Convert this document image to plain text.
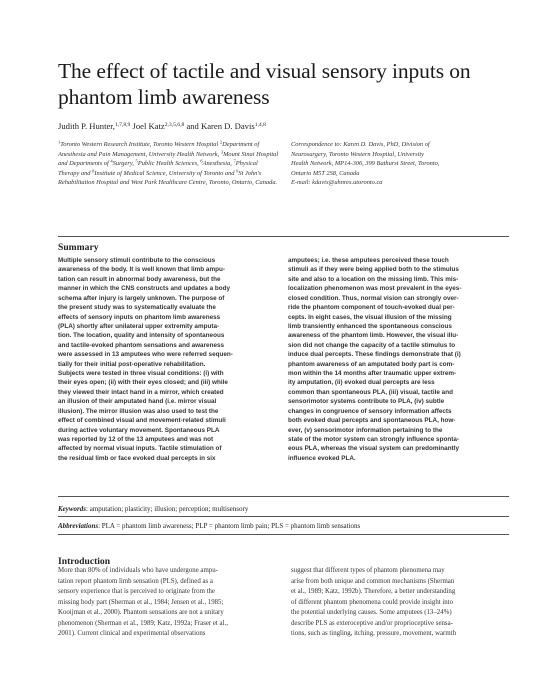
The effect of tactile and visual sensory inputs on phantom limb awareness
Judith P. Hunter,$^{1,7,8,9}$ Joel Katz$^{2,3,5,6,8}$ and Karen D. Davis$^{1,4,8}$
$^1$Toronto Western Research Institute, Toronto Western Hospital $^2$Department of Anesthesia and Pain Management, University Health Network, $^3$Mount Sinai Hospital and Departments of $^4$Surgery, $^5$Public Health Sciences, $^6$Anesthesia, $^7$Physical Therapy and $^8$Institute of Medical Science, University of Toronto and $^9$St John's Rehabilitation Hospital and West Park Healthcare Centre, Toronto, Ontario, Canada.
Correspondence to: Karen D. Davis, PhD, Division of
Neurosurgery, Toronto Western Hospital, University
Health Network, MP14-306, 399 Bathurst Street, Toronto,
Ontario M5T 2S8, Canada
E-mail: kdavis@uhnres.utoronto.ca
Summary

Multiple sensory stimuli contribute to the conscious

awareness of the body. It is well known that limb ampu-

tation can result in abnormal body awareness, but the

manner in which the CNS constructs and updates a body

schema after injury is largely unknown. The purpose of

the present study was to systematically evaluate the

effects of sensory inputs on phantom limb awareness

(PLA) shortly after unilateral upper extremity amputa-

tion. The location, quality and intensity of spontaneous

and tactile-evoked phantom sensations and awareness

were assessed in 13 amputees who were referred sequen-

tially for their initial post-operative rehabilitation.

Subjects were tested in three visual conditions: (i) with

their eyes open; (ii) with their eyes closed; and (iii) while

they viewed their intact hand in a mirror, which created

an illusion of their amputated hand (i.e. mirror visual

illusion). The mirror illusion was also used to test the

effect of combined visual and movement-related stimuli

during active voluntary movement. Spontaneous PLA

was reported by 12 of the 13 amputees and was not

affected by normal visual inputs. Tactile stimulation of

the residual limb or face evoked dual percepts in six

amputees; i.e. these amputees perceived these touch

stimuli as if they were being applied both to the stimulus

site and also to a location on the missing limb. This mis-

localization phenomenon was most prevalent in the eyes-

closed condition. Thus, normal vision can strongly over-

ride the phantom component of touch-evoked dual per-

cepts. In eight cases, the visual illusion of the missing

limb transiently enhanced the spontaneous conscious

awareness of the phantom limb. However, the visual illu-

sion did not change the capacity of a tactile stimulus to

induce dual percepts. These findings demonstrate that (i)

phantom awareness of an amputated body part is com-

mon within the 14 months after traumatic upper extrem-

ity amputation, (ii) evoked dual percepts are less

common than spontaneous PLA, (iii) visual, tactile and

sensorimotor systems contribute to PLA, (iv) subtle

changes in congruence of sensory information affects

both evoked dual percepts and spontaneous PLA, how-

ever, (v) sensorimotor information pertaining to the

state of the motor system can strongly influence sponta-

eous PLA, whereas the visual system can predominantly

influence evoked PLA.

Keywords: amputation; plasticity; illusion; perception; multisensory
Abbreviations: PLA = phantom limb awareness; PLP = phantom limb pain; PLS = phantom limb sensations
Introduction

More than 80% of individuals who have undergone ampu-

tation report phantom limb sensation (PLS), defined as a

sensory experience that is perceived to originate from the

missing body part (Sherman et al., 1984; Jensen et al., 1985;

Kooijman et al., 2000). Phantom sensations are not a unitary

phenomenon (Sherman et al., 1989; Katz, 1992a; Fraser et al.,

2001). Current clinical and experimental observations

suggest that different types of phantom phenomena may

arise from both unique and common mechanisms (Sherman

et al., 1989; Katz, 1992b). Therefore, a better understanding

of different phantom phenomena could provide insight into

the potential underlying causes. Some amputees (13–24%)

describe PLS as exteroceptive and/or proprioceptive sensa-

tions, such as tingling, itching, pressure, movement, warmth
